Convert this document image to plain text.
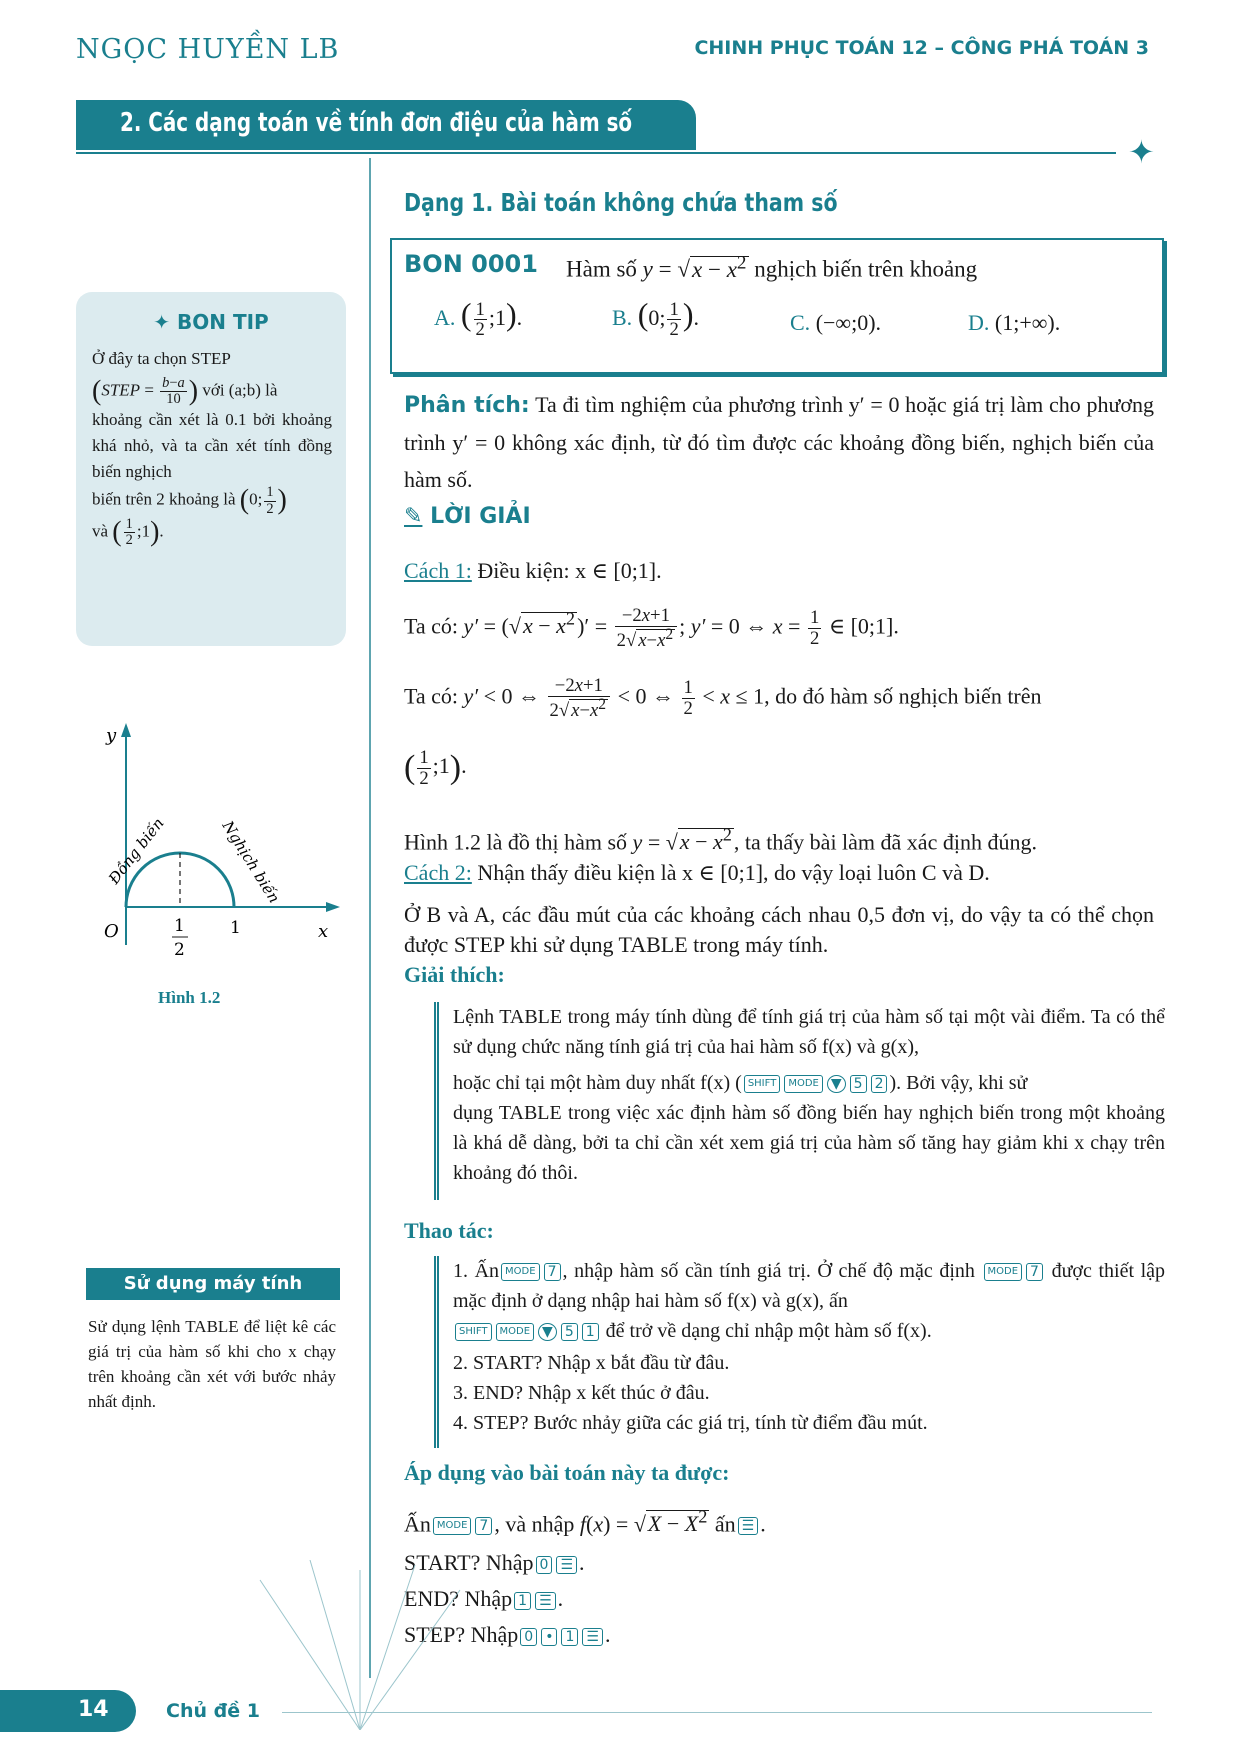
NGỌC HUYỀN LB	CHINH PHỤC TOÁN 12 – CÔNG PHÁ TOÁN 3
2. Các dạng toán về tính đơn điệu của hàm số
✦
Dạng 1. Bài toán không chứa tham số
BON 0001 Hàm số $y = √x - x^2$ nghịch biến trên khoảng
A. ( $\frac{1}{2}$ ;1).	B. (0; $\frac{1}{2}$ ).	C. (−∞;0).	D. (1;+∞).
✦ BON TIP
Ở đây ta chọn STEP
(STEP = $\frac{b-a}{10}$ ) với (a;b) là
khoảng cần xét là 0.1 bởi khoảng khá nhỏ, và ta cần xét tính đồng biến nghịch
biến trên 2 khoảng là (0; $\frac{1}{2}$ )
và ( $\frac{1}{2}$ ;1).
y
x
O	1
2
1
Đồng biến	Nghịch biến
Hình 1.2
Sử dụng máy tính
Sử dụng lệnh TABLE để liệt kê các giá trị của hàm số khi cho x chạy trên khoảng cần xét với bước nhảy nhất định.
Phân tích: Ta đi tìm nghiệm của phương trình y′ = 0 hoặc giá trị làm cho phương trình y′ = 0 không xác định, từ đó tìm được các khoảng đồng biến, nghịch biến của hàm số.
✎ LỜI GIẢI
Cách 1: Điều kiện: x ∈ [0;1].
Ta có: $y' = (√x - x^2)' = \frac{-2x+1}{2√ x-x^2}$ ; y′ = 0 ⇔ $x = \frac{1}{2}$ ∈ [0;1].
Ta có: y′ < 0 ⇔ $\frac{-2x+1}{2√ x-x^2} < 0$ ⇔ $\frac{1}{2} < x \le 1$, do đó hàm số nghịch biến trên
( $\frac{1}{2}$ ;1).
Hình 1.2 là đồ thị hàm số $y = √x - x^2$, ta thấy bài làm đã xác định đúng.
Cách 2: Nhận thấy điều kiện là x ∈ [0;1], do vậy loại luôn C và D.
Ở B và A, các đầu mút của các khoảng cách nhau 0,5 đơn vị, do vậy ta có thể chọn được STEP khi sử dụng TABLE trong máy tính.
Giải thích:
Lệnh TABLE trong máy tính dùng để tính giá trị của hàm số tại một vài điểm. Ta có thể sử dụng chức năng tính giá trị của hai hàm số f(x) và g(x),
hoặc chỉ tại một hàm duy nhất f(x) ( SHIFT MODE ▼ 5 2 ). Bởi vậy, khi sử
dụng TABLE trong việc xác định hàm số đồng biến hay nghịch biến trong một khoảng là khá dễ dàng, bởi ta chỉ cần xét xem giá trị của hàm số tăng hay giảm khi x chạy trên khoảng đó thôi.
Thao tác:
1. Ấn MODE 7 , nhập hàm số cần tính giá trị. Ở chế độ mặc định MODE 7 được thiết lập mặc định ở dạng nhập hai hàm số f(x) và g(x), ấn
SHIFT MODE ▼ 5 1 để trở về dạng chỉ nhập một hàm số f(x).
2. START? Nhập x bắt đầu từ đâu.
3. END? Nhập x kết thúc ở đâu.
4. STEP? Bước nhảy giữa các giá trị, tính từ điểm đầu mút.
Áp dụng vào bài toán này ta được:
Ấn MODE 7 , và nhập $f(x) = √X - X^2$ ấn ☰ .
START? Nhập 0 ☰ .
END? Nhập 1 ☰ .
STEP? Nhập 0 • 1 ☰ .
14	Chủ đề 1
